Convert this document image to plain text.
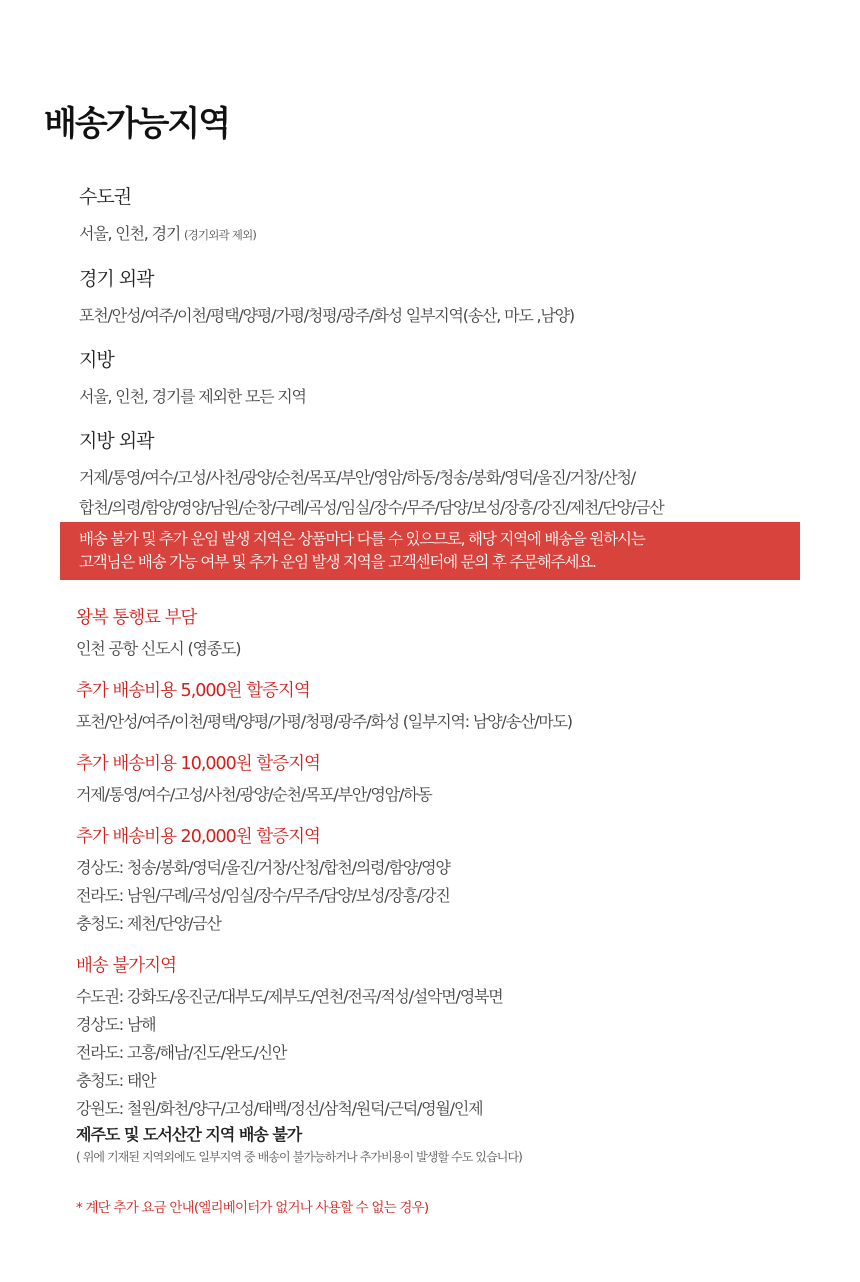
배송가능지역
수도권
서울, 인천, 경기 (경기외곽 제외)
경기 외곽
포천/안성/여주/이천/평택/양평/가평/청평/광주/화성 일부지역(송산, 마도 ,남양)
지방
서울, 인천, 경기를 제외한 모든 지역
지방 외곽
거제/통영/여수/고성/사천/광양/순천/목포/부안/영암/하동/청송/봉화/영덕/울진/거창/산청/
합천/의령/함양/영양/남원/순창/구례/곡성/임실/장수/무주/담양/보성/장흥/강진/제천/단양/금산
배송 불가 및 추가 운임 발생 지역은 상품마다 다를 수 있으므로, 해당 지역에 배송을 원하시는
고객님은 배송 가능 여부 및 추가 운임 발생 지역을 고객센터에 문의 후 주문해주세요.
왕복 통행료 부담
인천 공항 신도시 (영종도)
추가 배송비용 5,000원 할증지역
포천/안성/여주/이천/평택/양평/가평/청평/광주/화성 (일부지역: 남양/송산/마도)
추가 배송비용 10,000원 할증지역
거제/통영/여수/고성/사천/광양/순천/목포/부안/영암/하동
추가 배송비용 20,000원 할증지역
경상도: 청송/봉화/영덕/울진/거창/산청/합천/의령/함양/영양
전라도: 남원/구례/곡성/임실/장수/무주/담양/보성/장흥/강진
충청도: 제천/단양/금산
배송 불가지역
수도권: 강화도/옹진군/대부도/제부도/연천/전곡/적성/설악면/영북면
경상도: 남해
전라도: 고흥/해남/진도/완도/신안
충청도: 태안
강원도: 철원/화천/양구/고성/태백/정선/삼척/원덕/근덕/영월/인제
제주도 및 도서산간 지역 배송 불가
( 위에 기재된 지역외에도 일부지역 중 배송이 불가능하거나 추가비용이 발생할 수도 있습니다)
* 계단 추가 요금 안내(엘리베이터가 없거나 사용할 수 없는 경우)
